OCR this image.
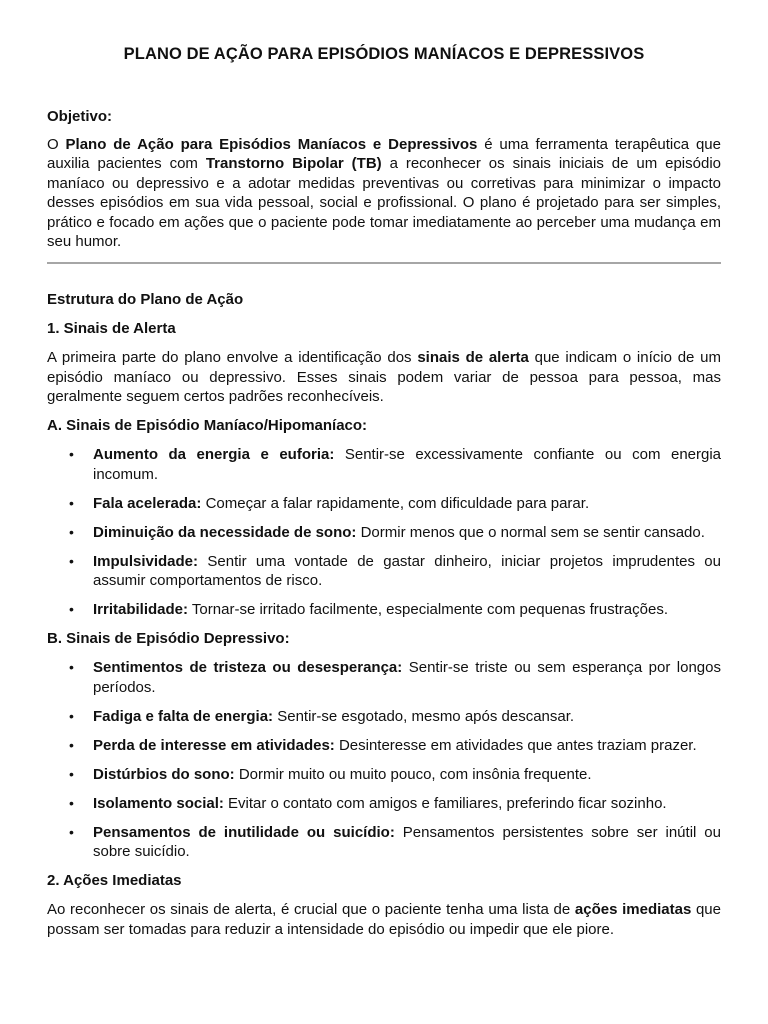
PLANO DE AÇÃO PARA EPISÓDIOS MANÍACOS E DEPRESSIVOS
Objetivo:

O Plano de Ação para Episódios Maníacos e Depressivos é uma ferramenta terapêutica que auxilia pacientes com Transtorno Bipolar (TB) a reconhecer os sinais iniciais de um episódio maníaco ou depressivo e a adotar medidas preventivas ou corretivas para minimizar o impacto desses episódios em sua vida pessoal, social e profissional. O plano é projetado para ser simples, prático e focado em ações que o paciente pode tomar imediatamente ao perceber uma mudança em seu humor.

Estrutura do Plano de Ação
1. Sinais de Alerta

A primeira parte do plano envolve a identificação dos sinais de alerta que indicam o início de um episódio maníaco ou depressivo. Esses sinais podem variar de pessoa para pessoa, mas geralmente seguem certos padrões reconhecíveis.

A. Sinais de Episódio Maníaco/Hipomaníaco:
• Aumento da energia e euforia: Sentir-se excessivamente confiante ou com energia incomum.
• Fala acelerada: Começar a falar rapidamente, com dificuldade para parar.
• Diminuição da necessidade de sono: Dormir menos que o normal sem se sentir cansado.
• Impulsividade: Sentir uma vontade de gastar dinheiro, iniciar projetos imprudentes ou assumir comportamentos de risco.
• Irritabilidade: Tornar-se irritado facilmente, especialmente com pequenas frustrações.
B. Sinais de Episódio Depressivo:
• Sentimentos de tristeza ou desesperança: Sentir-se triste ou sem esperança por longos períodos.
• Fadiga e falta de energia: Sentir-se esgotado, mesmo após descansar.
• Perda de interesse em atividades: Desinteresse em atividades que antes traziam prazer.
• Distúrbios do sono: Dormir muito ou muito pouco, com insônia frequente.
• Isolamento social: Evitar o contato com amigos e familiares, preferindo ficar sozinho.
• Pensamentos de inutilidade ou suicídio: Pensamentos persistentes sobre ser inútil ou sobre suicídio.
2. Ações Imediatas

Ao reconhecer os sinais de alerta, é crucial que o paciente tenha uma lista de ações imediatas que possam ser tomadas para reduzir a intensidade do episódio ou impedir que ele piore.
